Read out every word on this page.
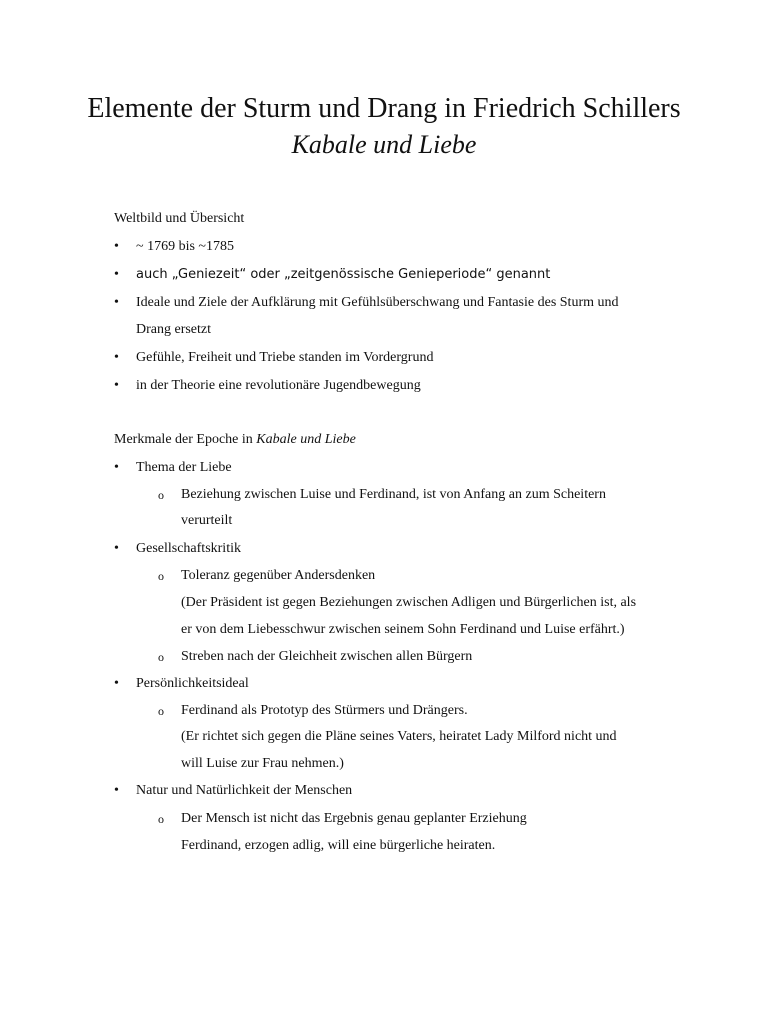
Elemente der Sturm und Drang in Friedrich Schillers
Kabale und Liebe

Weltbild und Übersicht

• ~ 1769 bis ~1785
• auch „Geniezeit“ oder „zeitgenössische Genieperiode“ genannt
• Ideale und Ziele der Aufklärung mit Gefühlsüberschwang und Fantasie des Sturm und
Drang ersetzt
• Gefühle, Freiheit und Triebe standen im Vordergrund
• in der Theorie eine revolutionäre Jugendbewegung

Merkmale der Epoche in Kabale und Liebe

• Thema der Liebe
o Beziehung zwischen Luise und Ferdinand, ist von Anfang an zum Scheitern
verurteilt
• Gesellschaftskritik
o Toleranz gegenüber Andersdenken
(Der Präsident ist gegen Beziehungen zwischen Adligen und Bürgerlichen ist, als
er von dem Liebesschwur zwischen seinem Sohn Ferdinand und Luise erfährt.)
o Streben nach der Gleichheit zwischen allen Bürgern
• Persönlichkeitsideal
o Ferdinand als Prototyp des Stürmers und Drängers.
(Er richtet sich gegen die Pläne seines Vaters, heiratet Lady Milford nicht und
will Luise zur Frau nehmen.)
• Natur und Natürlichkeit der Menschen
o Der Mensch ist nicht das Ergebnis genau geplanter Erziehung
Ferdinand, erzogen adlig, will eine bürgerliche heiraten.
